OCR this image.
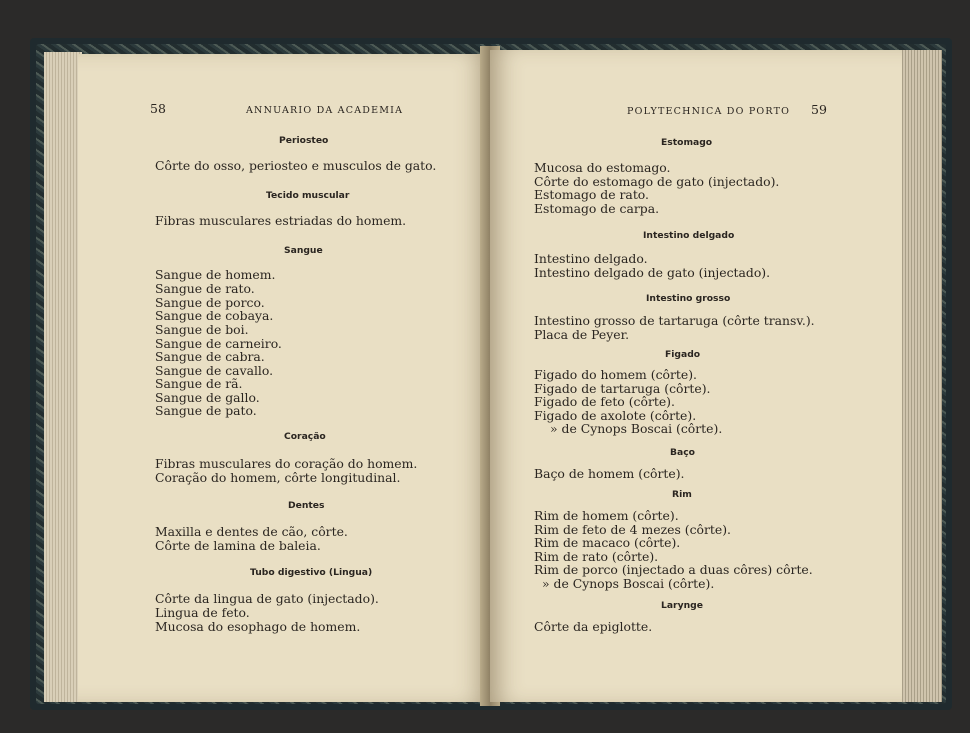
58	ANNUARIO DA ACADEMIA
Periosteo
Côrte do osso, periosteo e musculos de gato.
Tecido muscular
Fibras musculares estriadas do homem.
Sangue
Sangue de homem.
Sangue de rato.
Sangue de porco.
Sangue de cobaya.
Sangue de boi.
Sangue de carneiro.
Sangue de cabra.
Sangue de cavallo.
Sangue de rã.
Sangue de gallo.
Sangue de pato.
Coração
Fibras musculares do coração do homem.
Coração do homem, côrte longitudinal.
Dentes
Maxilla e dentes de cão, côrte.
Côrte de lamina de baleia.
Tubo digestivo (Lingua)
Côrte da lingua de gato (injectado).
Lingua de feto.
Mucosa do esophago de homem.
POLYTECHNICA DO PORTO 59
Estomago
Mucosa do estomago.
Côrte do estomago de gato (injectado).
Estomago de rato.
Estomago de carpa.
Intestino delgado
Intestino delgado.
Intestino delgado de gato (injectado).
Intestino grosso
Intestino grosso de tartaruga (côrte transv.).
Placa de Peyer.
Figado
Figado do homem (côrte).
Figado de tartaruga (côrte).
Figado de feto (côrte).
Figado de axolote (côrte).
» de Cynops Boscai (côrte).
Baço
Baço de homem (côrte).
Rim
Rim de homem (côrte).
Rim de feto de 4 mezes (côrte).
Rim de macaco (côrte).
Rim de rato (côrte).
Rim de porco (injectado a duas côres) côrte.
» de Cynops Boscai (côrte).
Larynge
Côrte da epiglotte.
